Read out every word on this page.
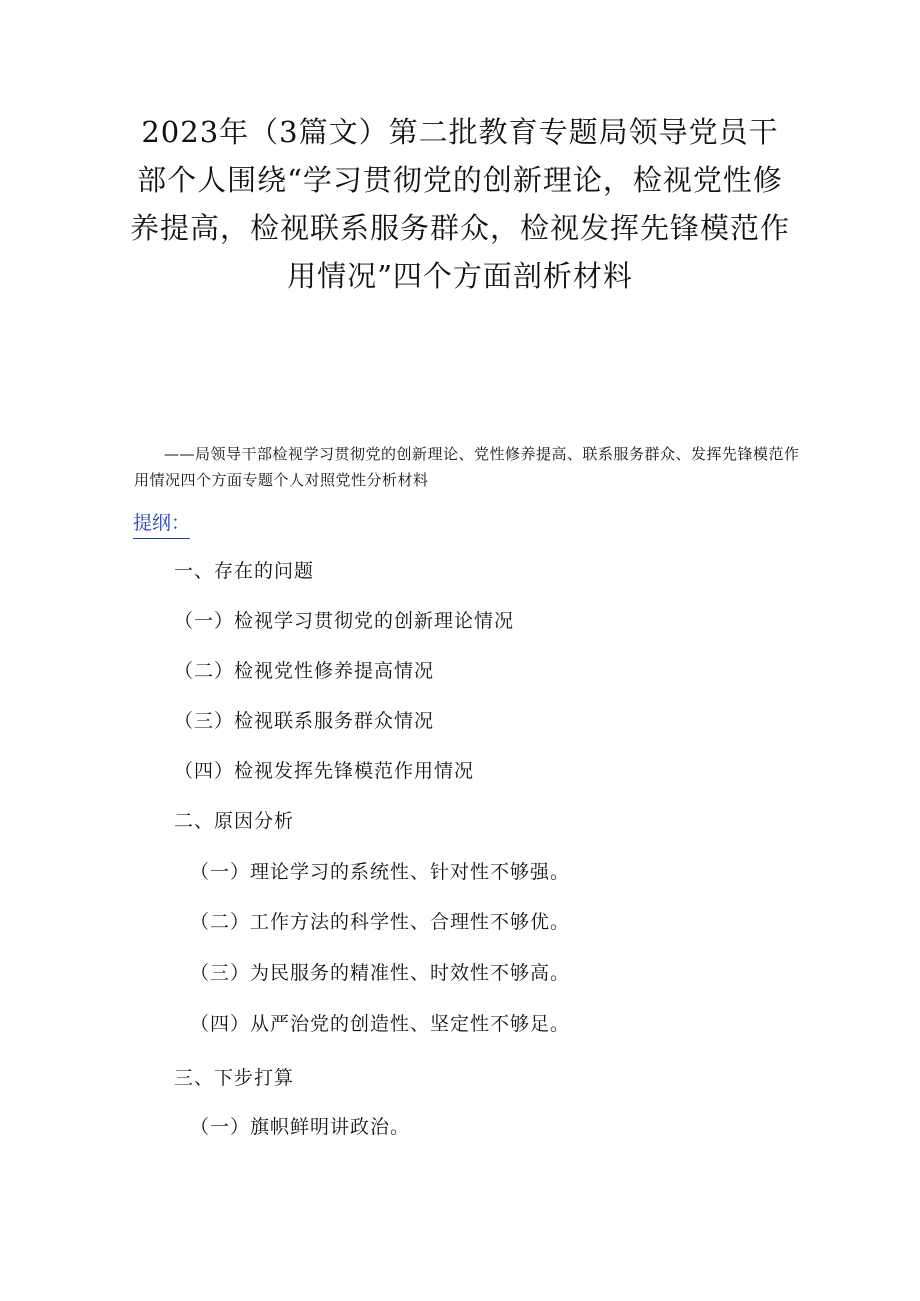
2023年（3篇文）第二批教育专题局领导党员干部个人围绕“学习贯彻党的创新理论，检视党性修养提高，检视联系服务群众，检视发挥先锋模范作用情况”四个方面剖析材料
——局领导干部检视学习贯彻党的创新理论、党性修养提高、联系服务群众、发挥先锋模范作用情况四个方面专题个人对照党性分析材料
提纲：
一、存在的问题
（一）检视学习贯彻党的创新理论情况
（二）检视党性修养提高情况
（三）检视联系服务群众情况
（四）检视发挥先锋模范作用情况
二、原因分析
（一）理论学习的系统性、针对性不够强。
（二）工作方法的科学性、合理性不够优。
（三）为民服务的精准性、时效性不够高。
（四）从严治党的创造性、坚定性不够足。
三、下步打算
（一）旗帜鲜明讲政治。
